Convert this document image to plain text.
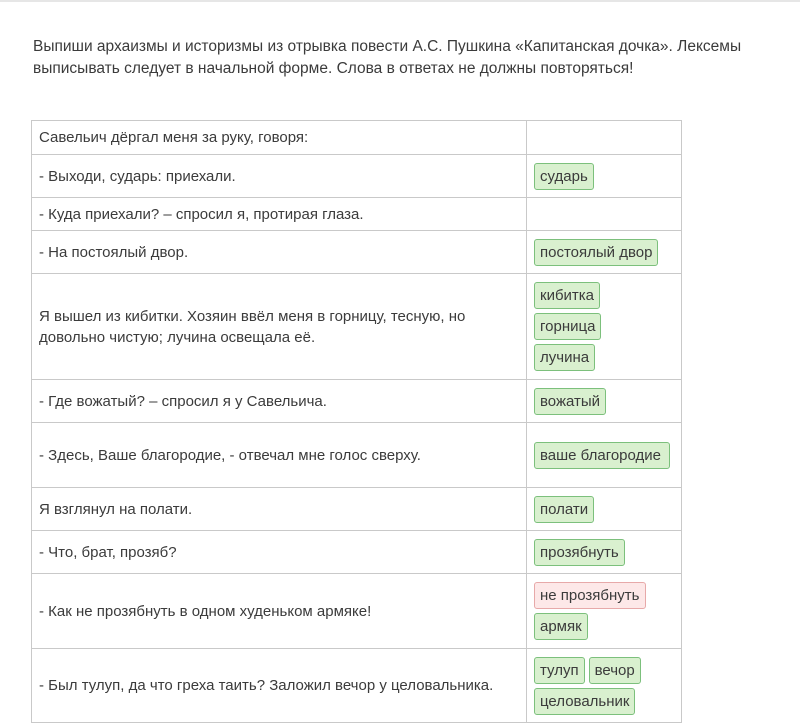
Выпиши архаизмы и историзмы из отрывка повести А.С. Пушкина «Капитанская дочка». Лексемы
выписывать следует в начальной форме. Слова в ответах не должны повторяться!
Савельич дёргал меня за руку, говоря:	
- Выходи, сударь: приехали.	сударь

- Куда приехали? – спросил я, протирая глаза.	
- На постоялый двор.	постоялый двор

Я вышел из кибитки. Хозяин ввёл меня в горницу, тесную, но довольно чистую; лучина освещала её.	кибитка
горница
лучина

- Где вожатый? – спросил я у Савельича.	вожатый

- Здесь, Ваше благородие, - отвечал мне голос сверху.	ваше благородие

Я взглянул на полати.	полати

- Что, брат, прозяб?	прозябнуть

- Как не прозябнуть в одном худеньком армяке!	не прозябнуть
армяк

- Был тулуп, да что греха таить? Заложил вечор у целовальника.	тулуп вечор
целовальник
